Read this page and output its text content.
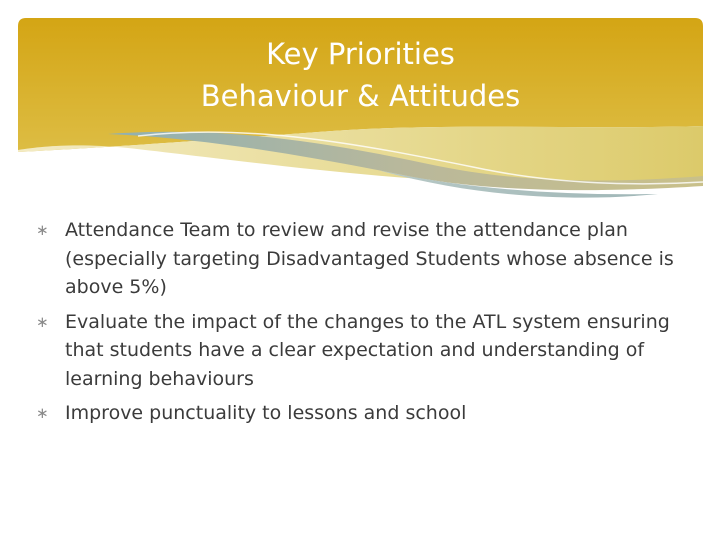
Key Priorities
Behaviour & Attitudes
∗ Attendance Team to review and revise the attendance plan (especially targeting Disadvantaged Students whose absence is above 5%)
∗ Evaluate the impact of the changes to the ATL system ensuring that students have a clear expectation and understanding of learning behaviours
∗ Improve punctuality to lessons and school
